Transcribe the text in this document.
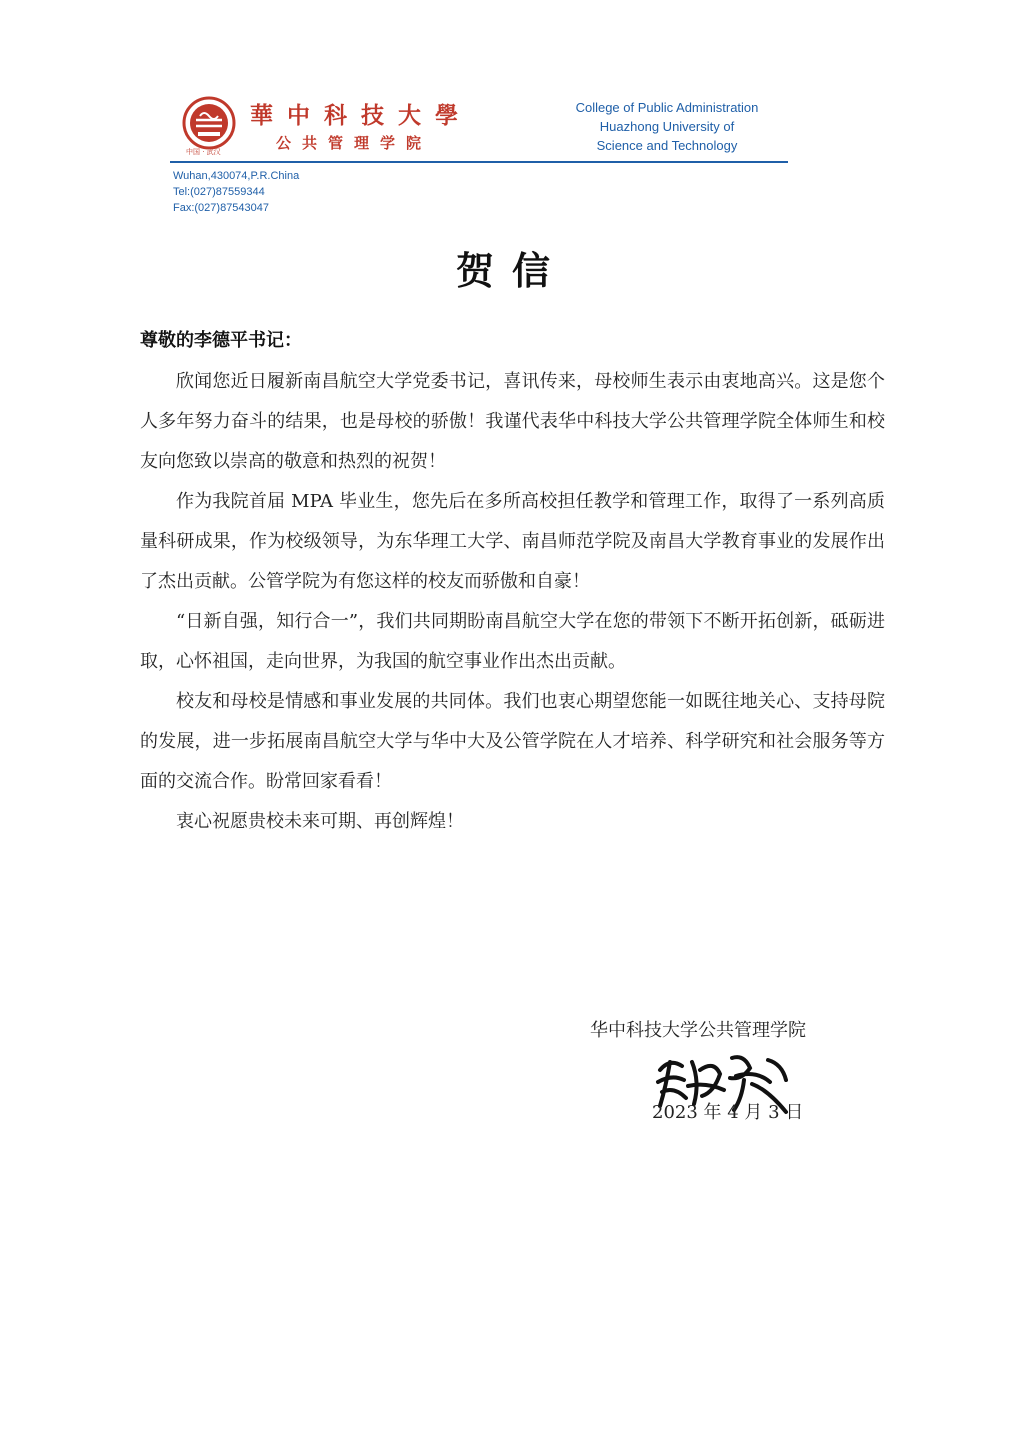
中国 · 武汉
華中科技大學
公共管理学院
College of Public Administration
Huazhong University of
Science and Technology
Wuhan,430074,P.R.China
Tel:(027)87559344
Fax:(027)87543047
贺信
尊敬的李德平书记：

欣闻您近日履新南昌航空大学党委书记，喜讯传来，母校师生表示由衷地高兴。这是您个人多年努力奋斗的结果，也是母校的骄傲！我谨代表华中科技大学公共管理学院全体师生和校友向您致以崇高的敬意和热烈的祝贺！

作为我院首届 MPA 毕业生，您先后在多所高校担任教学和管理工作，取得了一系列高质量科研成果，作为校级领导，为东华理工大学、南昌师范学院及南昌大学教育事业的发展作出了杰出贡献。公管学院为有您这样的校友而骄傲和自豪！

“日新自强，知行合一”，我们共同期盼南昌航空大学在您的带领下不断开拓创新，砥砺进取，心怀祖国，走向世界，为我国的航空事业作出杰出贡献。

校友和母校是情感和事业发展的共同体。我们也衷心期望您能一如既往地关心、支持母院的发展，进一步拓展南昌航空大学与华中大及公管学院在人才培养、科学研究和社会服务等方面的交流合作。盼常回家看看！

衷心祝愿贵校未来可期、再创辉煌！

华中科技大学公共管理学院
2023 年 4 月 3 日
